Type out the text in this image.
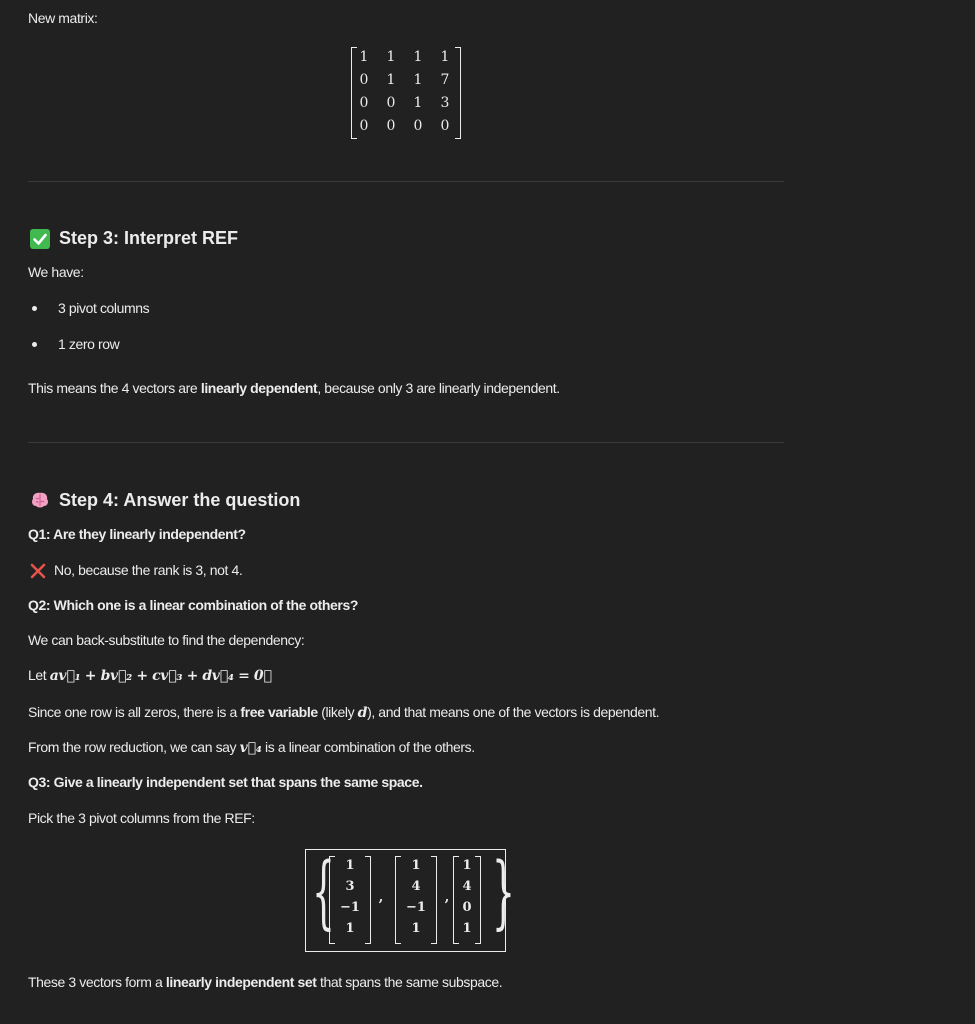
New matrix:
1	1	1	1
0	1	1	7
0	0	1	3
0	0	0	0
Step 3: Interpret REF
We have:
3 pivot columns
1 zero row
This means the 4 vectors are linearly dependent, because only 3 are linearly independent.
Step 4: Answer the question
Q1: Are they linearly independent?
No, because the rank is 3, not 4.
Q2: Which one is a linear combination of the others?
We can back-substitute to find the dependency:
Let av⃗₁ + bv⃗₂ + cv⃗₃ + dv⃗₄ = 0⃗
Since one row is all zeros, there is a free variable (likely d), and that means one of the vectors is dependent.
From the row reduction, we can say v⃗₄ is a linear combination of the others.
Q3: Give a linearly independent set that spans the same space.
Pick the 3 pivot columns from the REF:
{ }
1
3
−1
1
,
1
4
−1
1
,
1
4
0
1
These 3 vectors form a linearly independent set that spans the same subspace.
